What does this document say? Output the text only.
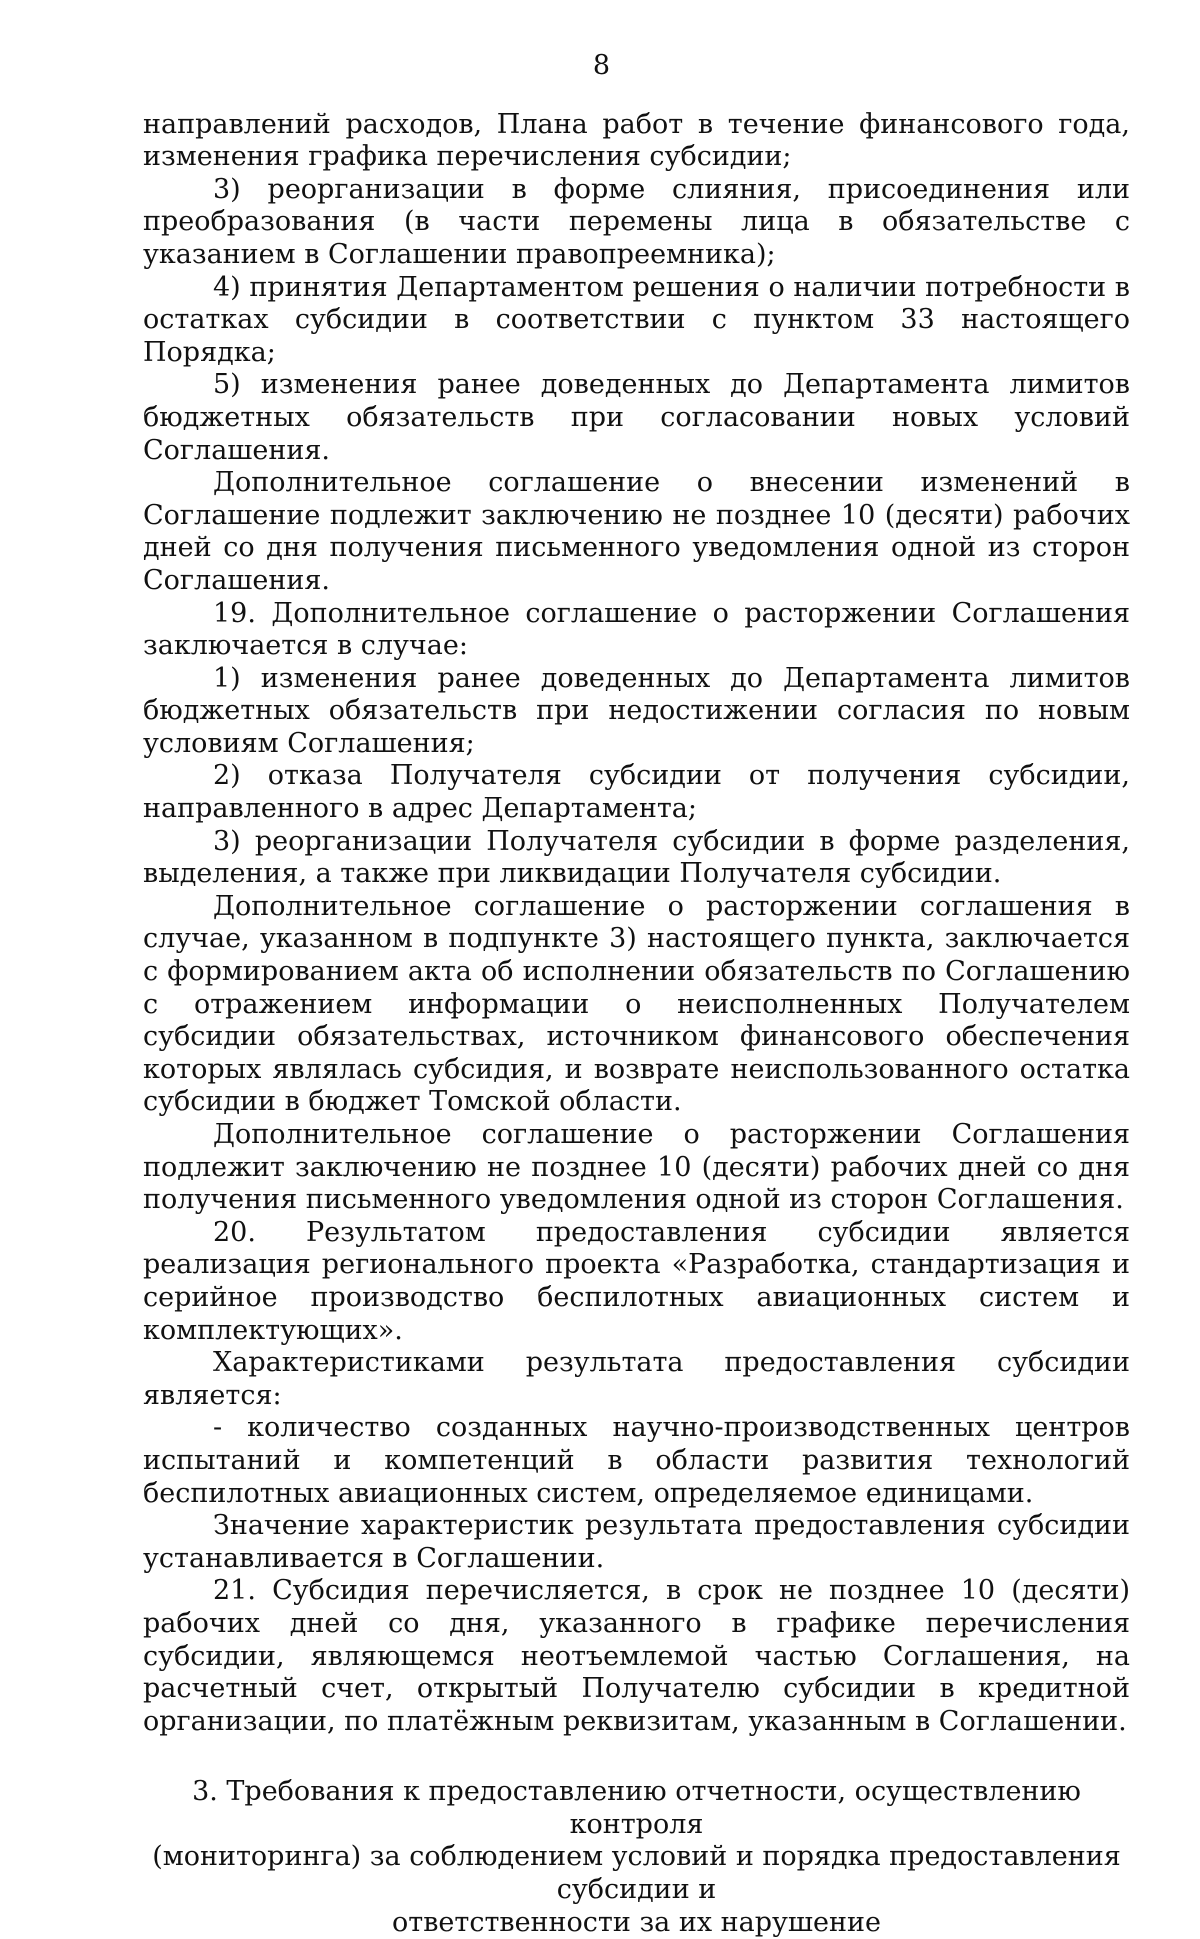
8

направлений расходов, Плана работ в течение финансового года, изменения графика перечисления субсидии;

3) реорганизации в форме слияния, присоединения или преобразования (в части перемены лица в обязательстве с указанием в Соглашении правопреемника);

4) принятия Департаментом решения о наличии потребности в остатках субсидии в соответствии с пунктом 33 настоящего Порядка;

5) изменения ранее доведенных до Департамента лимитов бюджетных обязательств при согласовании новых условий Соглашения.

Дополнительное соглашение о внесении изменений в Соглашение подлежит заключению не позднее 10 (десяти) рабочих дней со дня получения письменного уведомления одной из сторон Соглашения.

19. Дополнительное соглашение о расторжении Соглашения заключается в случае:

1) изменения ранее доведенных до Департамента лимитов бюджетных обязательств при недостижении согласия по новым условиям Соглашения;

2) отказа Получателя субсидии от получения субсидии, направленного в адрес Департамента;

3) реорганизации Получателя субсидии в форме разделения, выделения, а также при ликвидации Получателя субсидии.

Дополнительное соглашение о расторжении соглашения в случае, указанном в подпункте 3) настоящего пункта, заключается с формированием акта об исполнении обязательств по Соглашению с отражением информации о неисполненных Получателем субсидии обязательствах, источником финансового обеспечения которых являлась субсидия, и возврате неиспользованного остатка субсидии в бюджет Томской области.

Дополнительное соглашение о расторжении Соглашения подлежит заключению не позднее 10 (десяти) рабочих дней со дня получения письменного уведомления одной из сторон Соглашения.

20. Результатом предоставления субсидии является реализация регионального проекта «Разработка, стандартизация и серийное производство беспилотных авиационных систем и комплектующих».

Характеристиками результата предоставления субсидии является:

- количество созданных научно-производственных центров испытаний и компетенций в области развития технологий беспилотных авиационных систем, определяемое единицами.

Значение характеристик результата предоставления субсидии устанавливается в Соглашении.

21. Субсидия перечисляется, в срок не позднее 10 (десяти) рабочих дней со дня, указанного в графике перечисления субсидии, являющемся неотъемлемой частью Соглашения, на расчетный счет, открытый Получателю субсидии в кредитной организации, по платёжным реквизитам, указанным в Соглашении.

3. Требования к предоставлению отчетности, осуществлению контроля
(мониторинга) за соблюдением условий и порядка предоставления субсидии и
ответственности за их нарушение
